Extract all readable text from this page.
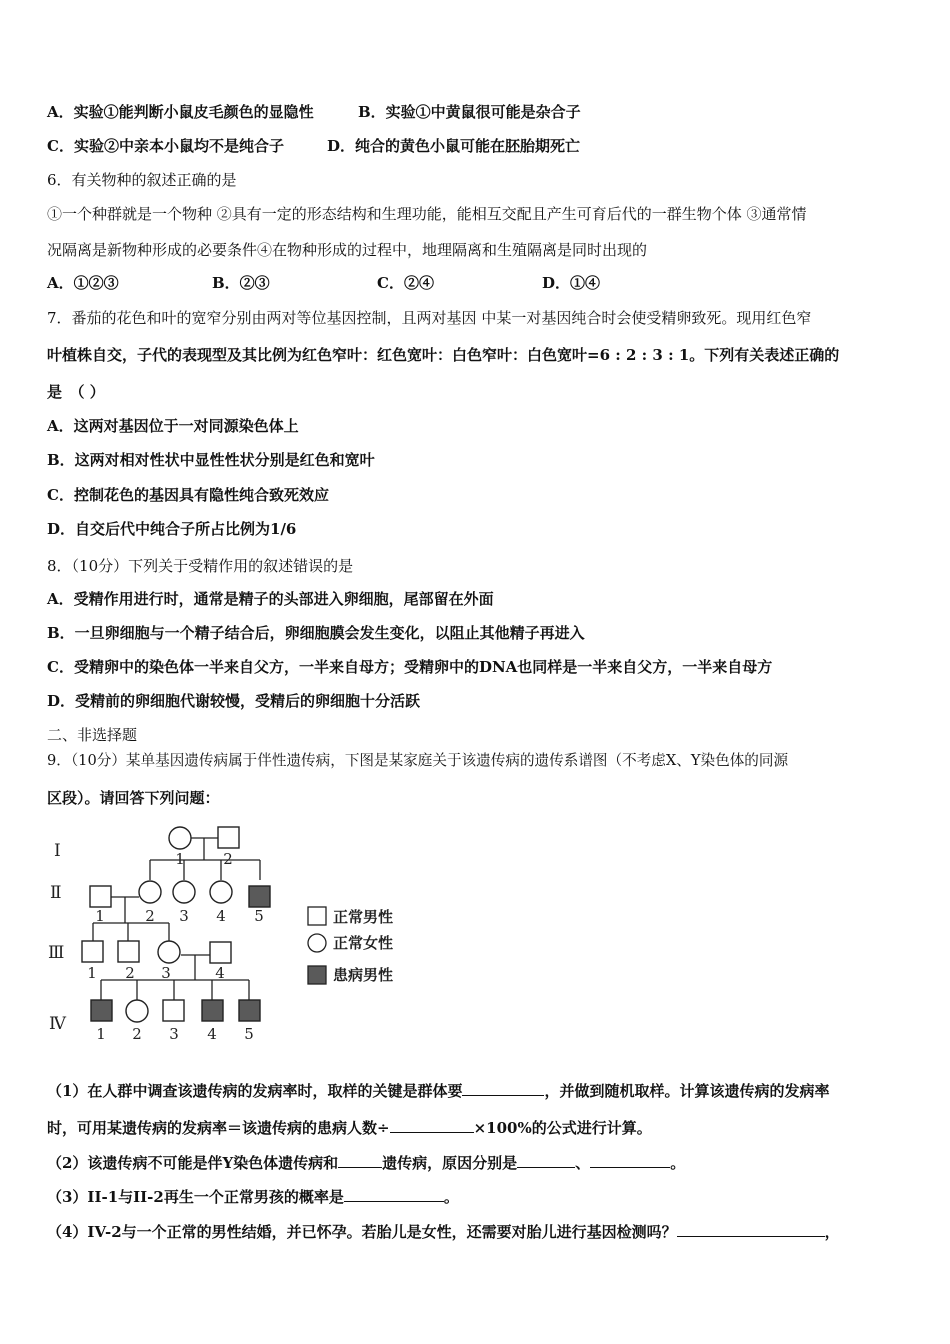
A．实验①能判断小鼠皮毛颜色的显隐性	B．实验①中黄鼠很可能是杂合子
C．实验②中亲本小鼠均不是纯合子	D．纯合的黄色小鼠可能在胚胎期死亡
6．有关物种的叙述正确的是
①一个种群就是一个物种 ②具有一定的形态结构和生理功能，能相互交配且产生可育后代的一群生物个体 ③通常情
况隔离是新物种形成的必要条件④在物种形成的过程中，地理隔离和生殖隔离是同时出现的
A．①②③	B．②③	C．②④	D．①④
7．番茄的花色和叶的宽窄分别由两对等位基因控制，且两对基因 中某一对基因纯合时会使受精卵致死。现用红色窄
叶植株自交，子代的表现型及其比例为红色窄叶：红色宽叶：白色窄叶：白色宽叶=6 : 2 : 3 : 1。下列有关表述正确的
是　（ ）
A．这两对基因位于一对同源染色体上
B．这两对相对性状中显性性状分别是红色和宽叶
C．控制花色的基因具有隐性纯合致死效应
D．自交后代中纯合子所占比例为1/6
8．（10分）下列关于受精作用的叙述错误的是
A．受精作用进行时，通常是精子的头部进入卵细胞，尾部留在外面
B．一旦卵细胞与一个精子结合后，卵细胞膜会发生变化，以阻止其他精子再进入
C．受精卵中的染色体一半来自父方，一半来自母方；受精卵中的DNA也同样是一半来自父方，一半来自母方
D．受精前的卵细胞代谢较慢，受精后的卵细胞十分活跃
二、非选择题
9．（10分）某单基因遗传病属于伴性遗传病，下图是某家庭关于该遗传病的遗传系谱图（不考虑X、Y染色体的同源
区段）。请回答下列问题：
Ⅰ
Ⅱ
Ⅲ
Ⅳ
1	2
1	2 3 4 5
1 2 3	4
1 2 3 4 5
正常男性
正常女性
患病男性
（1）在人群中调查该遗传病的发病率时，取样的关键是群体要	，并做到随机取样。计算该遗传病的发病率
时，可用某遗传病的发病率＝该遗传病的患病人数÷	×100%的公式进行计算。
（2）该遗传病不可能是伴Y染色体遗传病和	遗传病，原因分别是	、	。
（3）II-1与II-2再生一个正常男孩的概率是	。
（4）IV-2与一个正常的男性结婚，并已怀孕。若胎儿是女性，还需要对胎儿进行基因检测吗？	，
